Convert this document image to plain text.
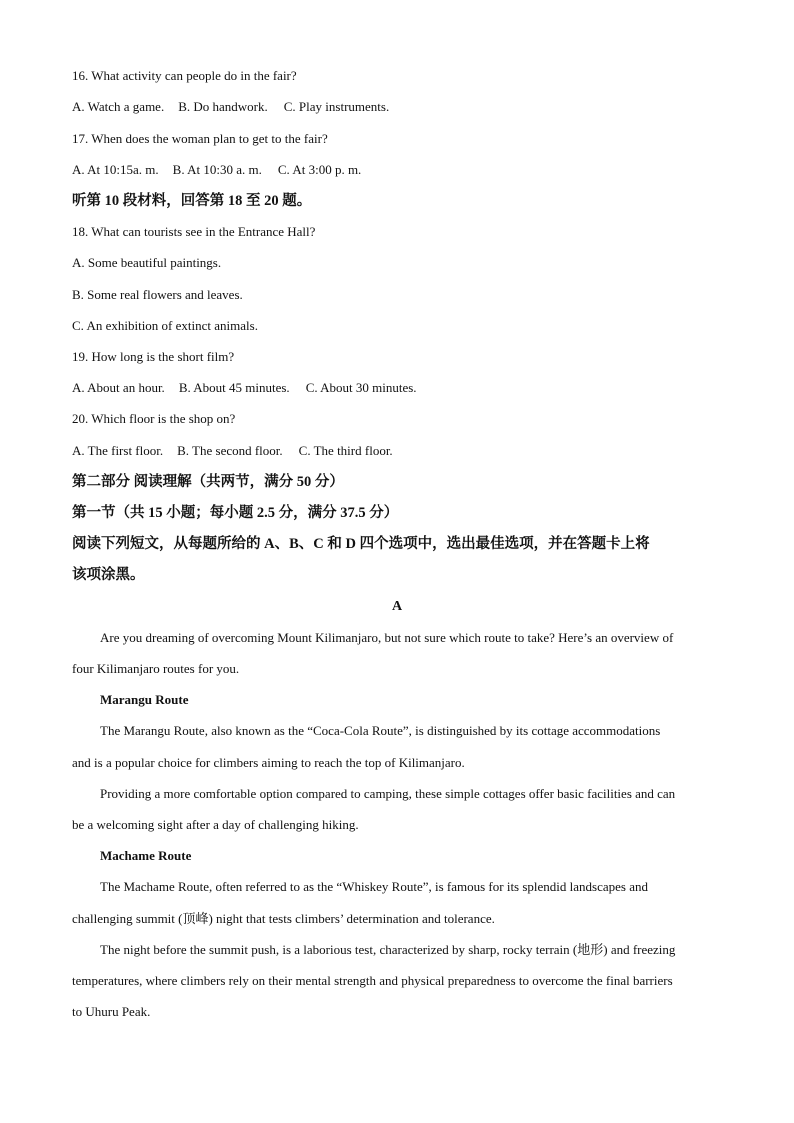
16. What activity can people do in the fair?
A. Watch a game. B. Do handwork. C. Play instruments.
17. When does the woman plan to get to the fair?
A. At 10:15a. m. B. At 10:30 a. m. C. At 3:00 p. m.
听第 10 段材料，回答第 18 至 20 题。
18. What can tourists see in the Entrance Hall?
A. Some beautiful paintings.
B. Some real flowers and leaves.
C. An exhibition of extinct animals.
19. How long is the short film?
A. About an hour. B. About 45 minutes. C. About 30 minutes.
20. Which floor is the shop on?
A. The first floor. B. The second floor. C. The third floor.
第二部分 阅读理解（共两节，满分 50 分）
第一节（共 15 小题；每小题 2.5 分，满分 37.5 分）
阅读下列短文，从每题所给的 A、B、C 和 D 四个选项中，选出最佳选项，并在答题卡上将
该项涂黑。
A
Are you dreaming of overcoming Mount Kilimanjaro, but not sure which route to take? Here’s an overview of
four Kilimanjaro routes for you.
Marangu Route
The Marangu Route, also known as the “Coca-Cola Route”, is distinguished by its cottage accommodations
and is a popular choice for climbers aiming to reach the top of Kilimanjaro.
Providing a more comfortable option compared to camping, these simple cottages offer basic facilities and can
be a welcoming sight after a day of challenging hiking.
Machame Route
The Machame Route, often referred to as the “Whiskey Route”, is famous for its splendid landscapes and
challenging summit (顶峰) night that tests climbers’ determination and tolerance.
The night before the summit push, is a laborious test, characterized by sharp, rocky terrain (地形) and freezing
temperatures, where climbers rely on their mental strength and physical preparedness to overcome the final barriers
to Uhuru Peak.
